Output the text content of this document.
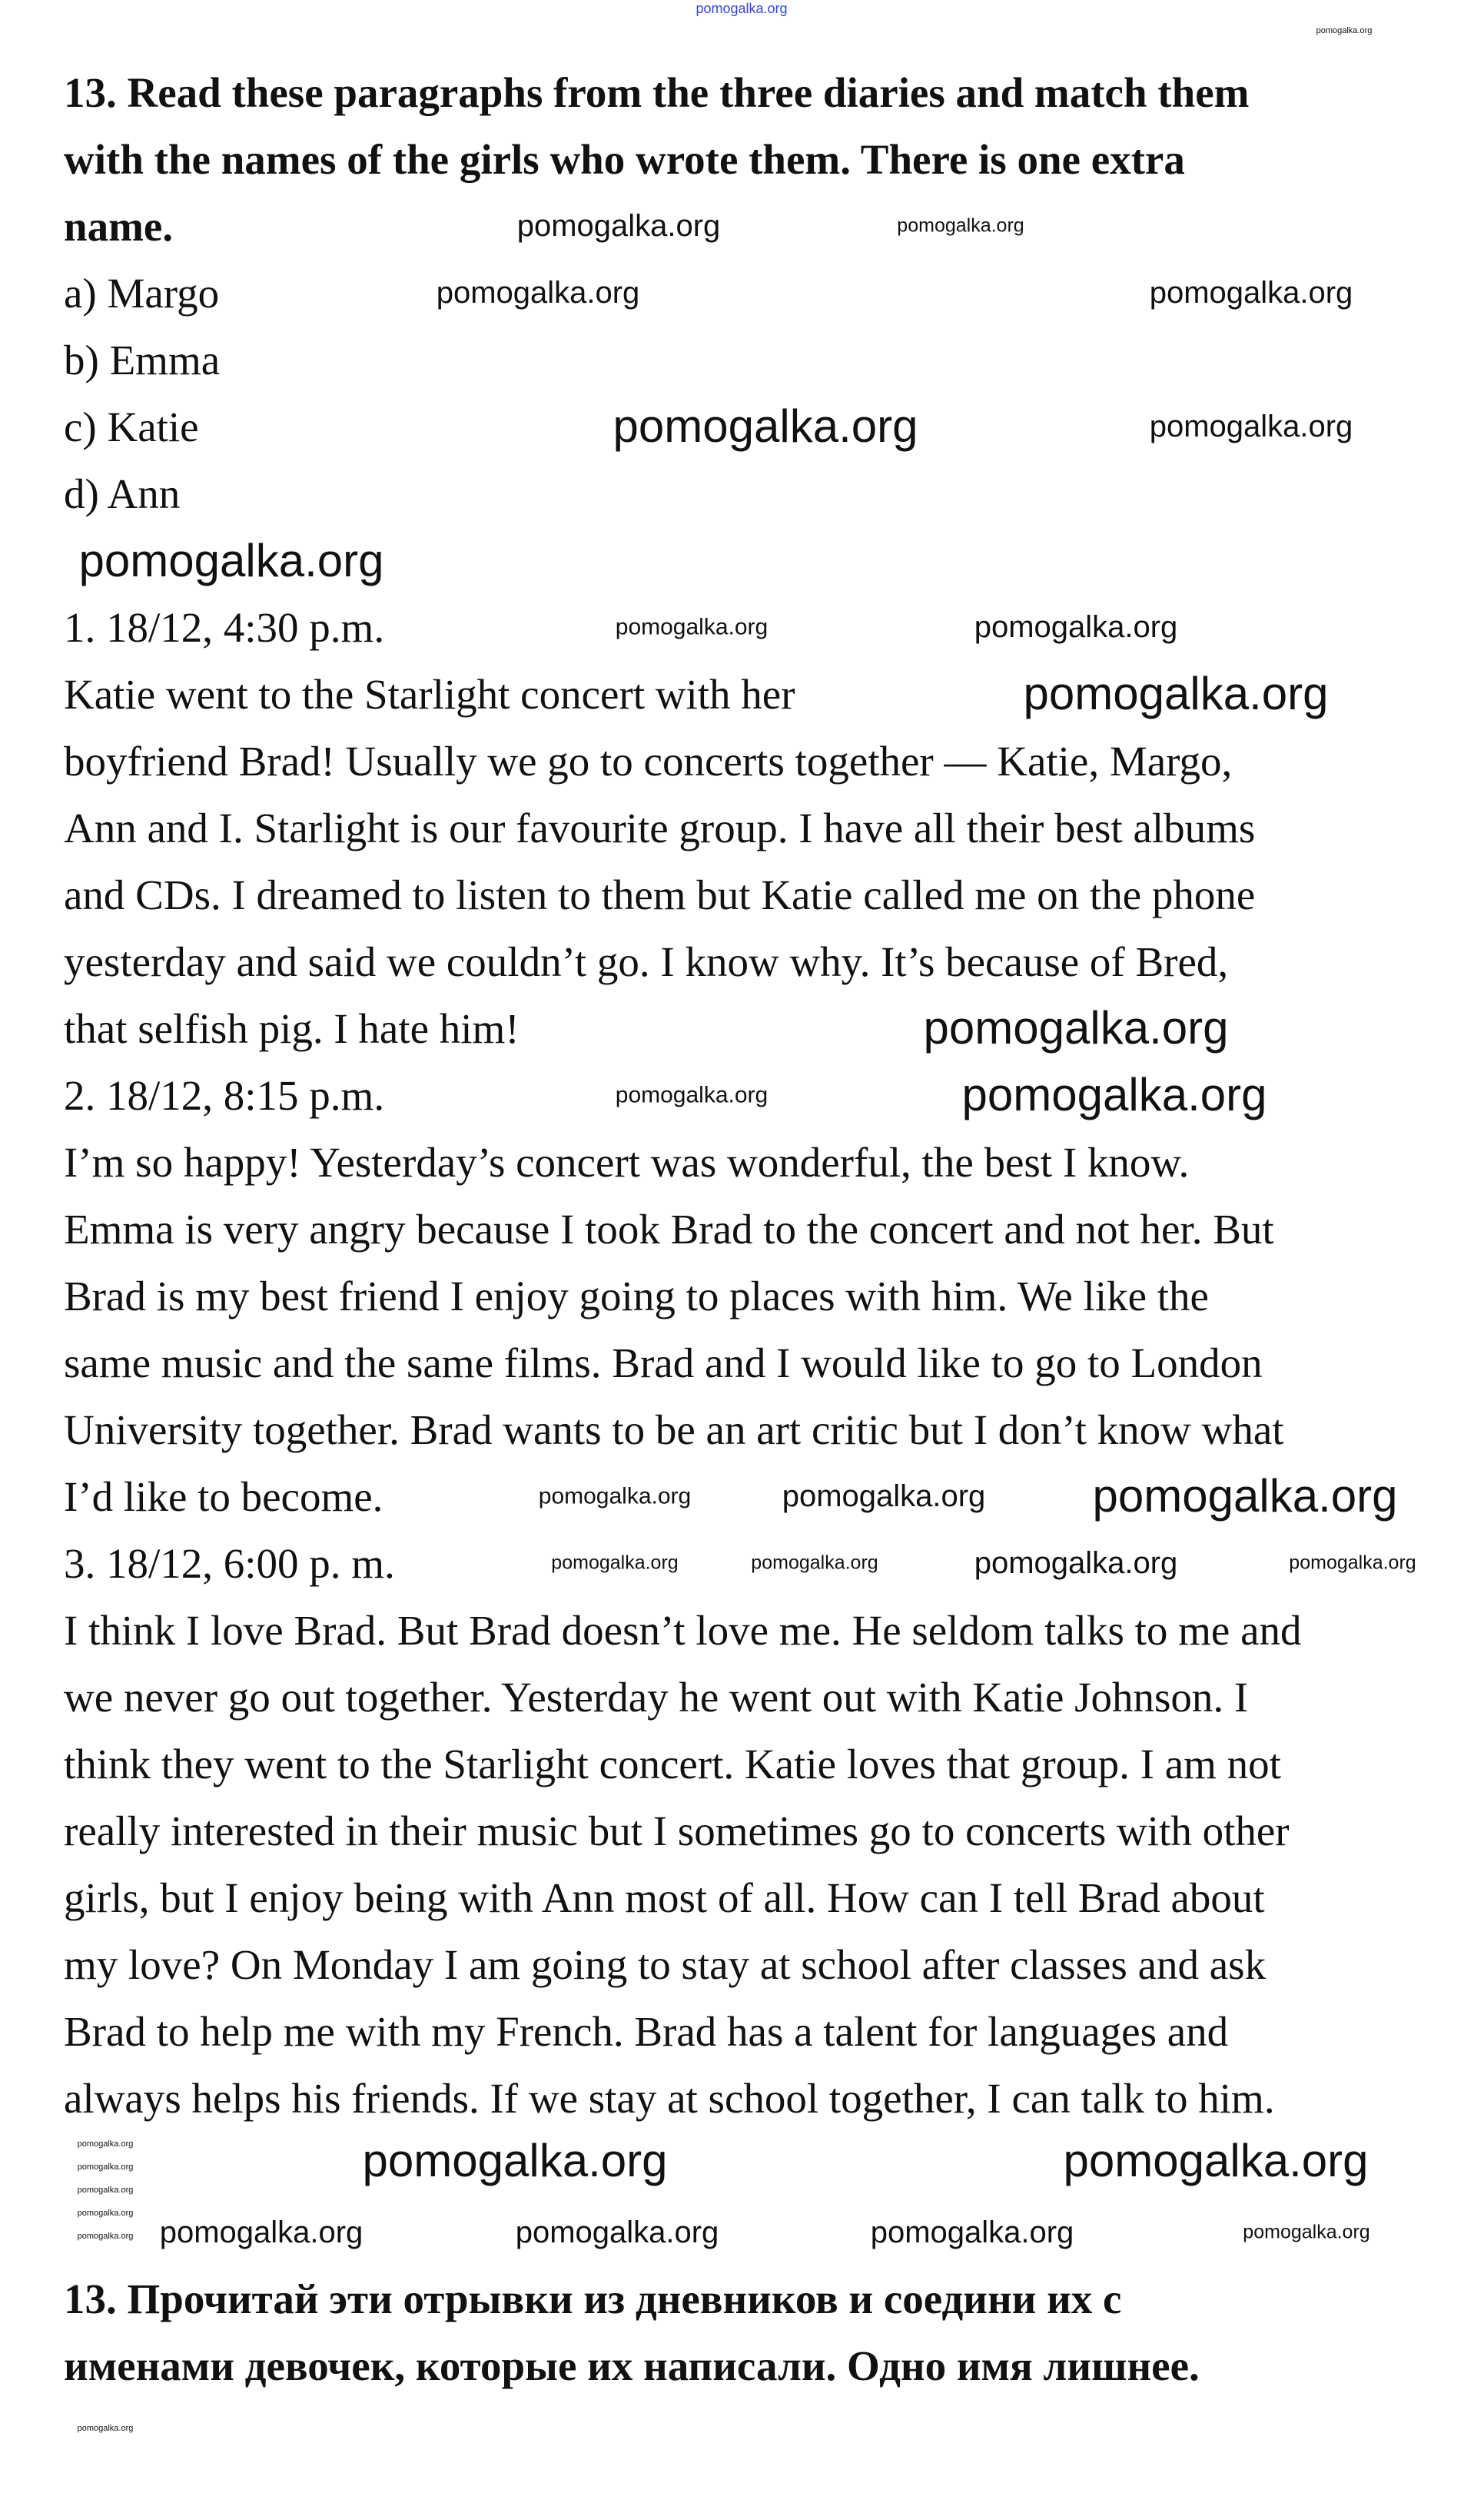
13. Read these paragraphs from the three diaries and match them
with the names of the girls who wrote them. There is one extra
name.
a) Margo
b) Emma
c) Katie
d) Ann
1. 18/12, 4:30 p.m.
Katie went to the Starlight concert with her
boyfriend Brad! Usually we go to concerts together — Katie, Margo,
Ann and I. Starlight is our favourite group. I have all their best albums
and CDs. I dreamed to listen to them but Katie called me on the phone
yesterday and said we couldn’t go. I know why. It’s because of Bred,
that selfish pig. I hate him!
2. 18/12, 8:15 p.m.
I’m so happy! Yesterday’s concert was wonderful, the best I know.
Emma is very angry because I took Brad to the concert and not her. But
Brad is my best friend I enjoy going to places with him. We like the
same music and the same films. Brad and I would like to go to London
University together. Brad wants to be an art critic but I don’t know what
I’d like to become.
3. 18/12, 6:00 p. m.
I think I love Brad. But Brad doesn’t love me. He seldom talks to me and
we never go out together. Yesterday he went out with Katie Johnson. I
think they went to the Starlight concert. Katie loves that group. I am not
really interested in their music but I sometimes go to concerts with other
girls, but I enjoy being with Ann most of all. How can I tell Brad about
my love? On Monday I am going to stay at school after classes and ask
Brad to help me with my French. Brad has a talent for languages and
always helps his friends. If we stay at school together, I can talk to him.
13. Прочитай эти отрывки из дневников и соедини их с
именами девочек, которые их написали. Одно имя лишнее.
pomogalka.org
pomogalka.org
pomogalka.org	pomogalka.org
pomogalka.org	pomogalka.org
pomogalka.org	pomogalka.org
pomogalka.org
pomogalka.org	pomogalka.org
pomogalka.org
pomogalka.org
pomogalka.org	pomogalka.org
pomogalka.org	pomogalka.org pomogalka.org
pomogalka.org	pomogalka.org	pomogalka.org	pomogalka.org
pomogalka.org	pomogalka.org
pomogalka.org	pomogalka.org	pomogalka.org	pomogalka.org
pomogalka.org
pomogalka.org
pomogalka.org
pomogalka.org
pomogalka.org
pomogalka.org
